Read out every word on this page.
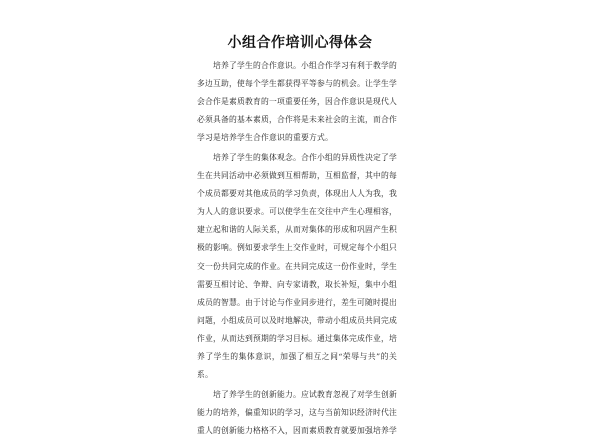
小组合作培训心得体会
培养了学生的合作意识。小组合作学习有利于教学的
多边互助，使每个学生都获得平等参与的机会。让学生学
会合作是素质教育的一项重要任务，因合作意识是现代人
必须具备的基本素质，合作将是未来社会的主流，而合作
学习是培养学生合作意识的重要方式。
培养了学生的集体观念。合作小组的异质性决定了学
生在共同活动中必须做到互相帮助，互相监督，其中的每
个成员都要对其他成员的学习负责，体现出人人为我，我
为人人的意识要求。可以使学生在交往中产生心理相容，
建立起和谐的人际关系，从而对集体的形成和巩固产生积
极的影响。例如要求学生上交作业时，可规定每个小组只
交一份共同完成的作业。在共同完成这一份作业时，学生
需要互相讨论、争辩、向专家请教，取长补短，集中小组
成员的智慧。由于讨论与作业同步进行，差生可随时提出
问题，小组成员可以及时地解决，带动小组成员共同完成
作业，从而达到预期的学习目标。通过集体完成作业，培
养了学生的集体意识，加强了相互之间“荣辱与共”的关
系。
培了养学生的创新能力。应试教育忽视了对学生创新
能力的培养，偏重知识的学习，这与当前知识经济时代注
重人的创新能力格格不入，因而素质教育就要加强培养学
